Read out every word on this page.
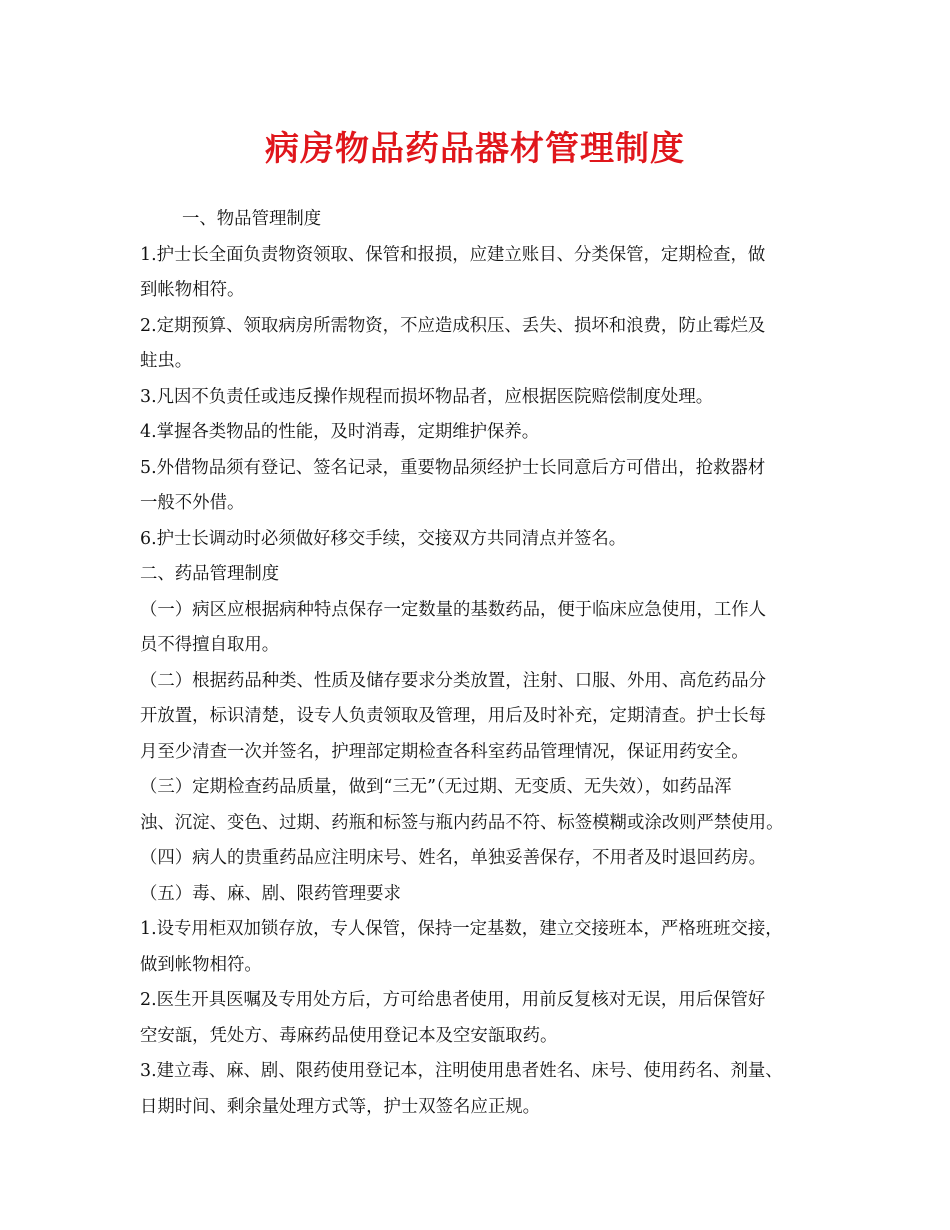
病房物品药品器材管理制度
一、物品管理制度
1.护士长全面负责物资领取、保管和报损，应建立账目、分类保管，定期检查，做
到帐物相符。
2.定期预算、领取病房所需物资，不应造成积压、丢失、损坏和浪费，防止霉烂及
蛀虫。
3.凡因不负责任或违反操作规程而损坏物品者，应根据医院赔偿制度处理。
4.掌握各类物品的性能，及时消毒，定期维护保养。
5.外借物品须有登记、签名记录，重要物品须经护士长同意后方可借出，抢救器材
一般不外借。
6.护士长调动时必须做好移交手续，交接双方共同清点并签名。
二、药品管理制度
（一）病区应根据病种特点保存一定数量的基数药品，便于临床应急使用，工作人
员不得擅自取用。
（二）根据药品种类、性质及储存要求分类放置，注射、口服、外用、高危药品分
开放置，标识清楚，设专人负责领取及管理，用后及时补充，定期清查。护士长每
月至少清查一次并签名，护理部定期检查各科室药品管理情况，保证用药安全。
（三）定期检查药品质量，做到“三无”（无过期、无变质、无失效），如药品浑
浊、沉淀、变色、过期、药瓶和标签与瓶内药品不符、标签模糊或涂改则严禁使用。
（四）病人的贵重药品应注明床号、姓名，单独妥善保存，不用者及时退回药房。
（五）毒、麻、剧、限药管理要求
1.设专用柜双加锁存放，专人保管，保持一定基数，建立交接班本，严格班班交接，
做到帐物相符。
2.医生开具医嘱及专用处方后，方可给患者使用，用前反复核对无误，用后保管好
空安瓿，凭处方、毒麻药品使用登记本及空安瓿取药。
3.建立毒、麻、剧、限药使用登记本，注明使用患者姓名、床号、使用药名、剂量、
日期时间、剩余量处理方式等，护士双签名应正规。
